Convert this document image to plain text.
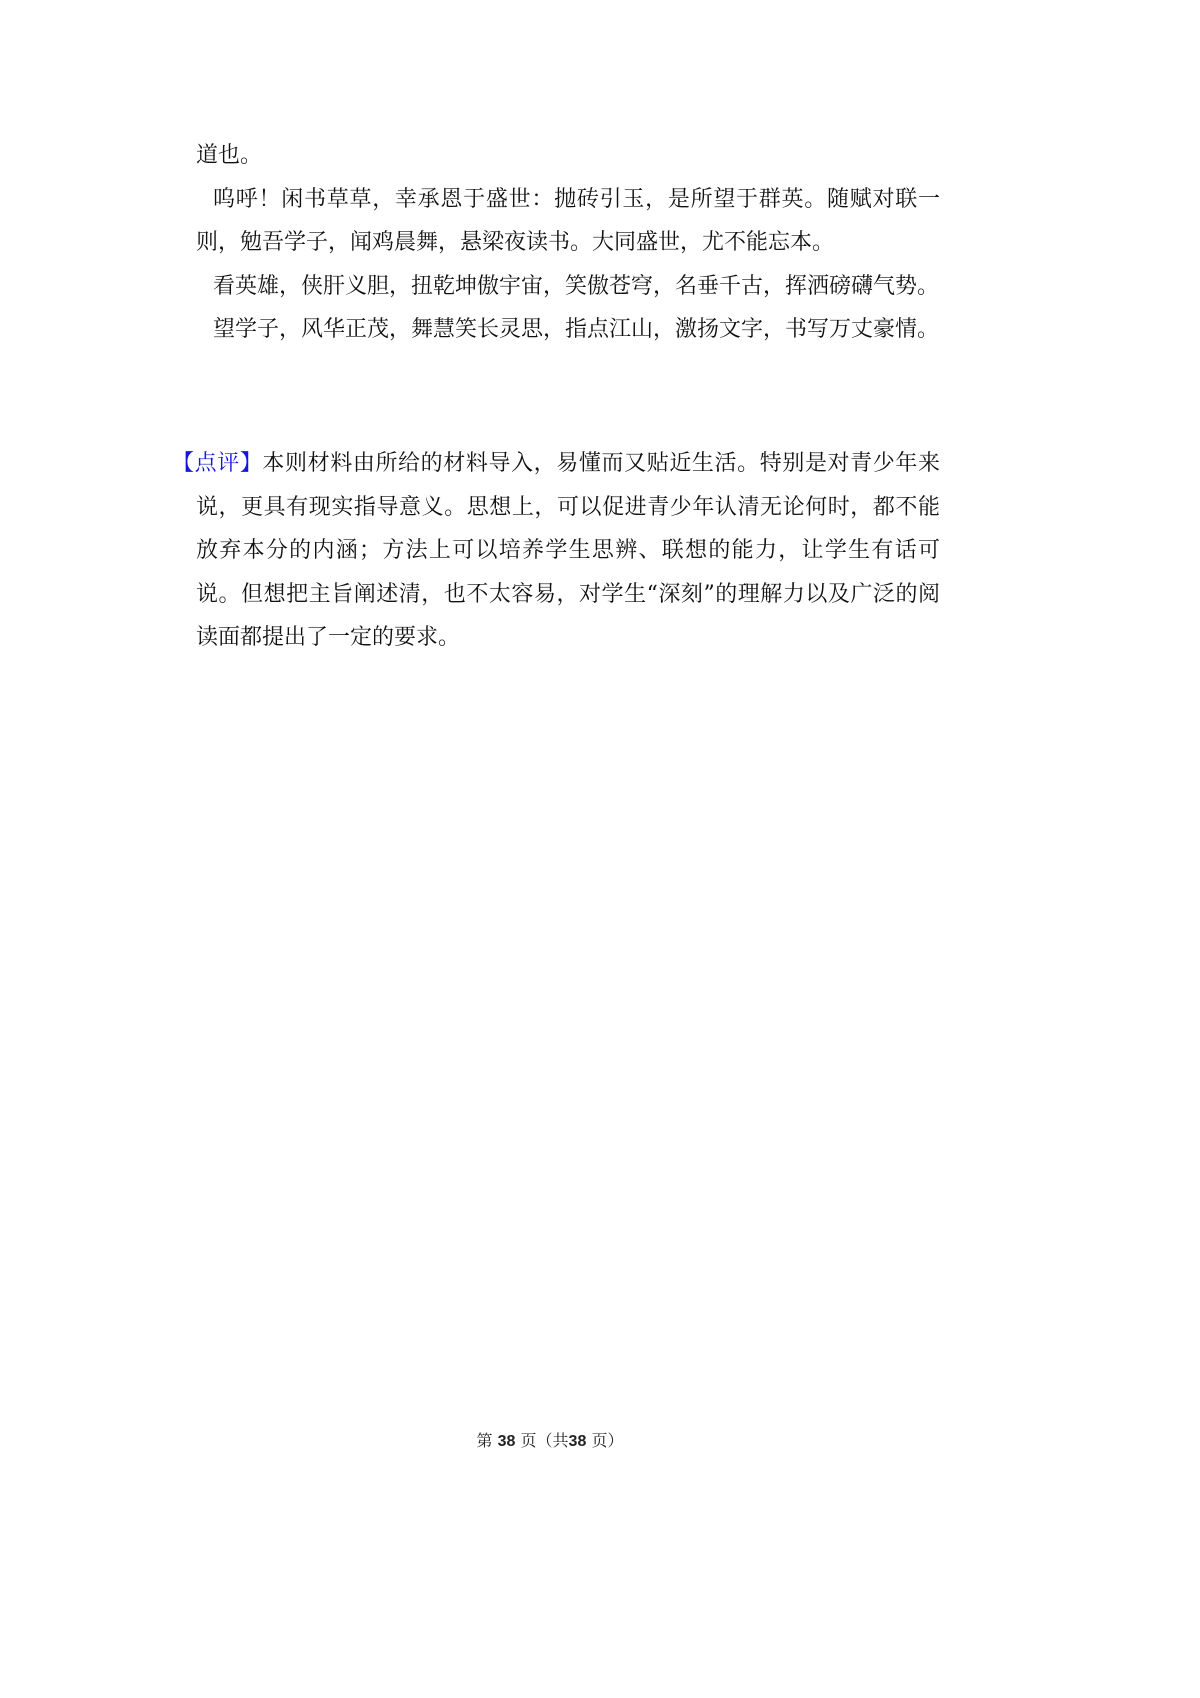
道也。

呜呼！闲书草草，幸承恩于盛世：抛砖引玉，是所望于群英。随赋对联一则，勉吾学子，闻鸡晨舞，悬梁夜读书。大同盛世，尤不能忘本。

看英雄，侠肝义胆，扭乾坤傲宇宙，笑傲苍穹，名垂千古，挥洒磅礴气势。

望学子，风华正茂，舞慧笑长灵思，指点江山，激扬文字，书写万丈豪情。

【点评】本则材料由所给的材料导入，易懂而又贴近生活。特别是对青少年来说，更具有现实指导意义。思想上，可以促进青少年认清无论何时，都不能放弃本分的内涵；方法上可以培养学生思辨、联想的能力，让学生有话可说。但想把主旨阐述清，也不太容易，对学生“深刻”的理解力以及广泛的阅读面都提出了一定的要求。

第 38 页（共38 页）
